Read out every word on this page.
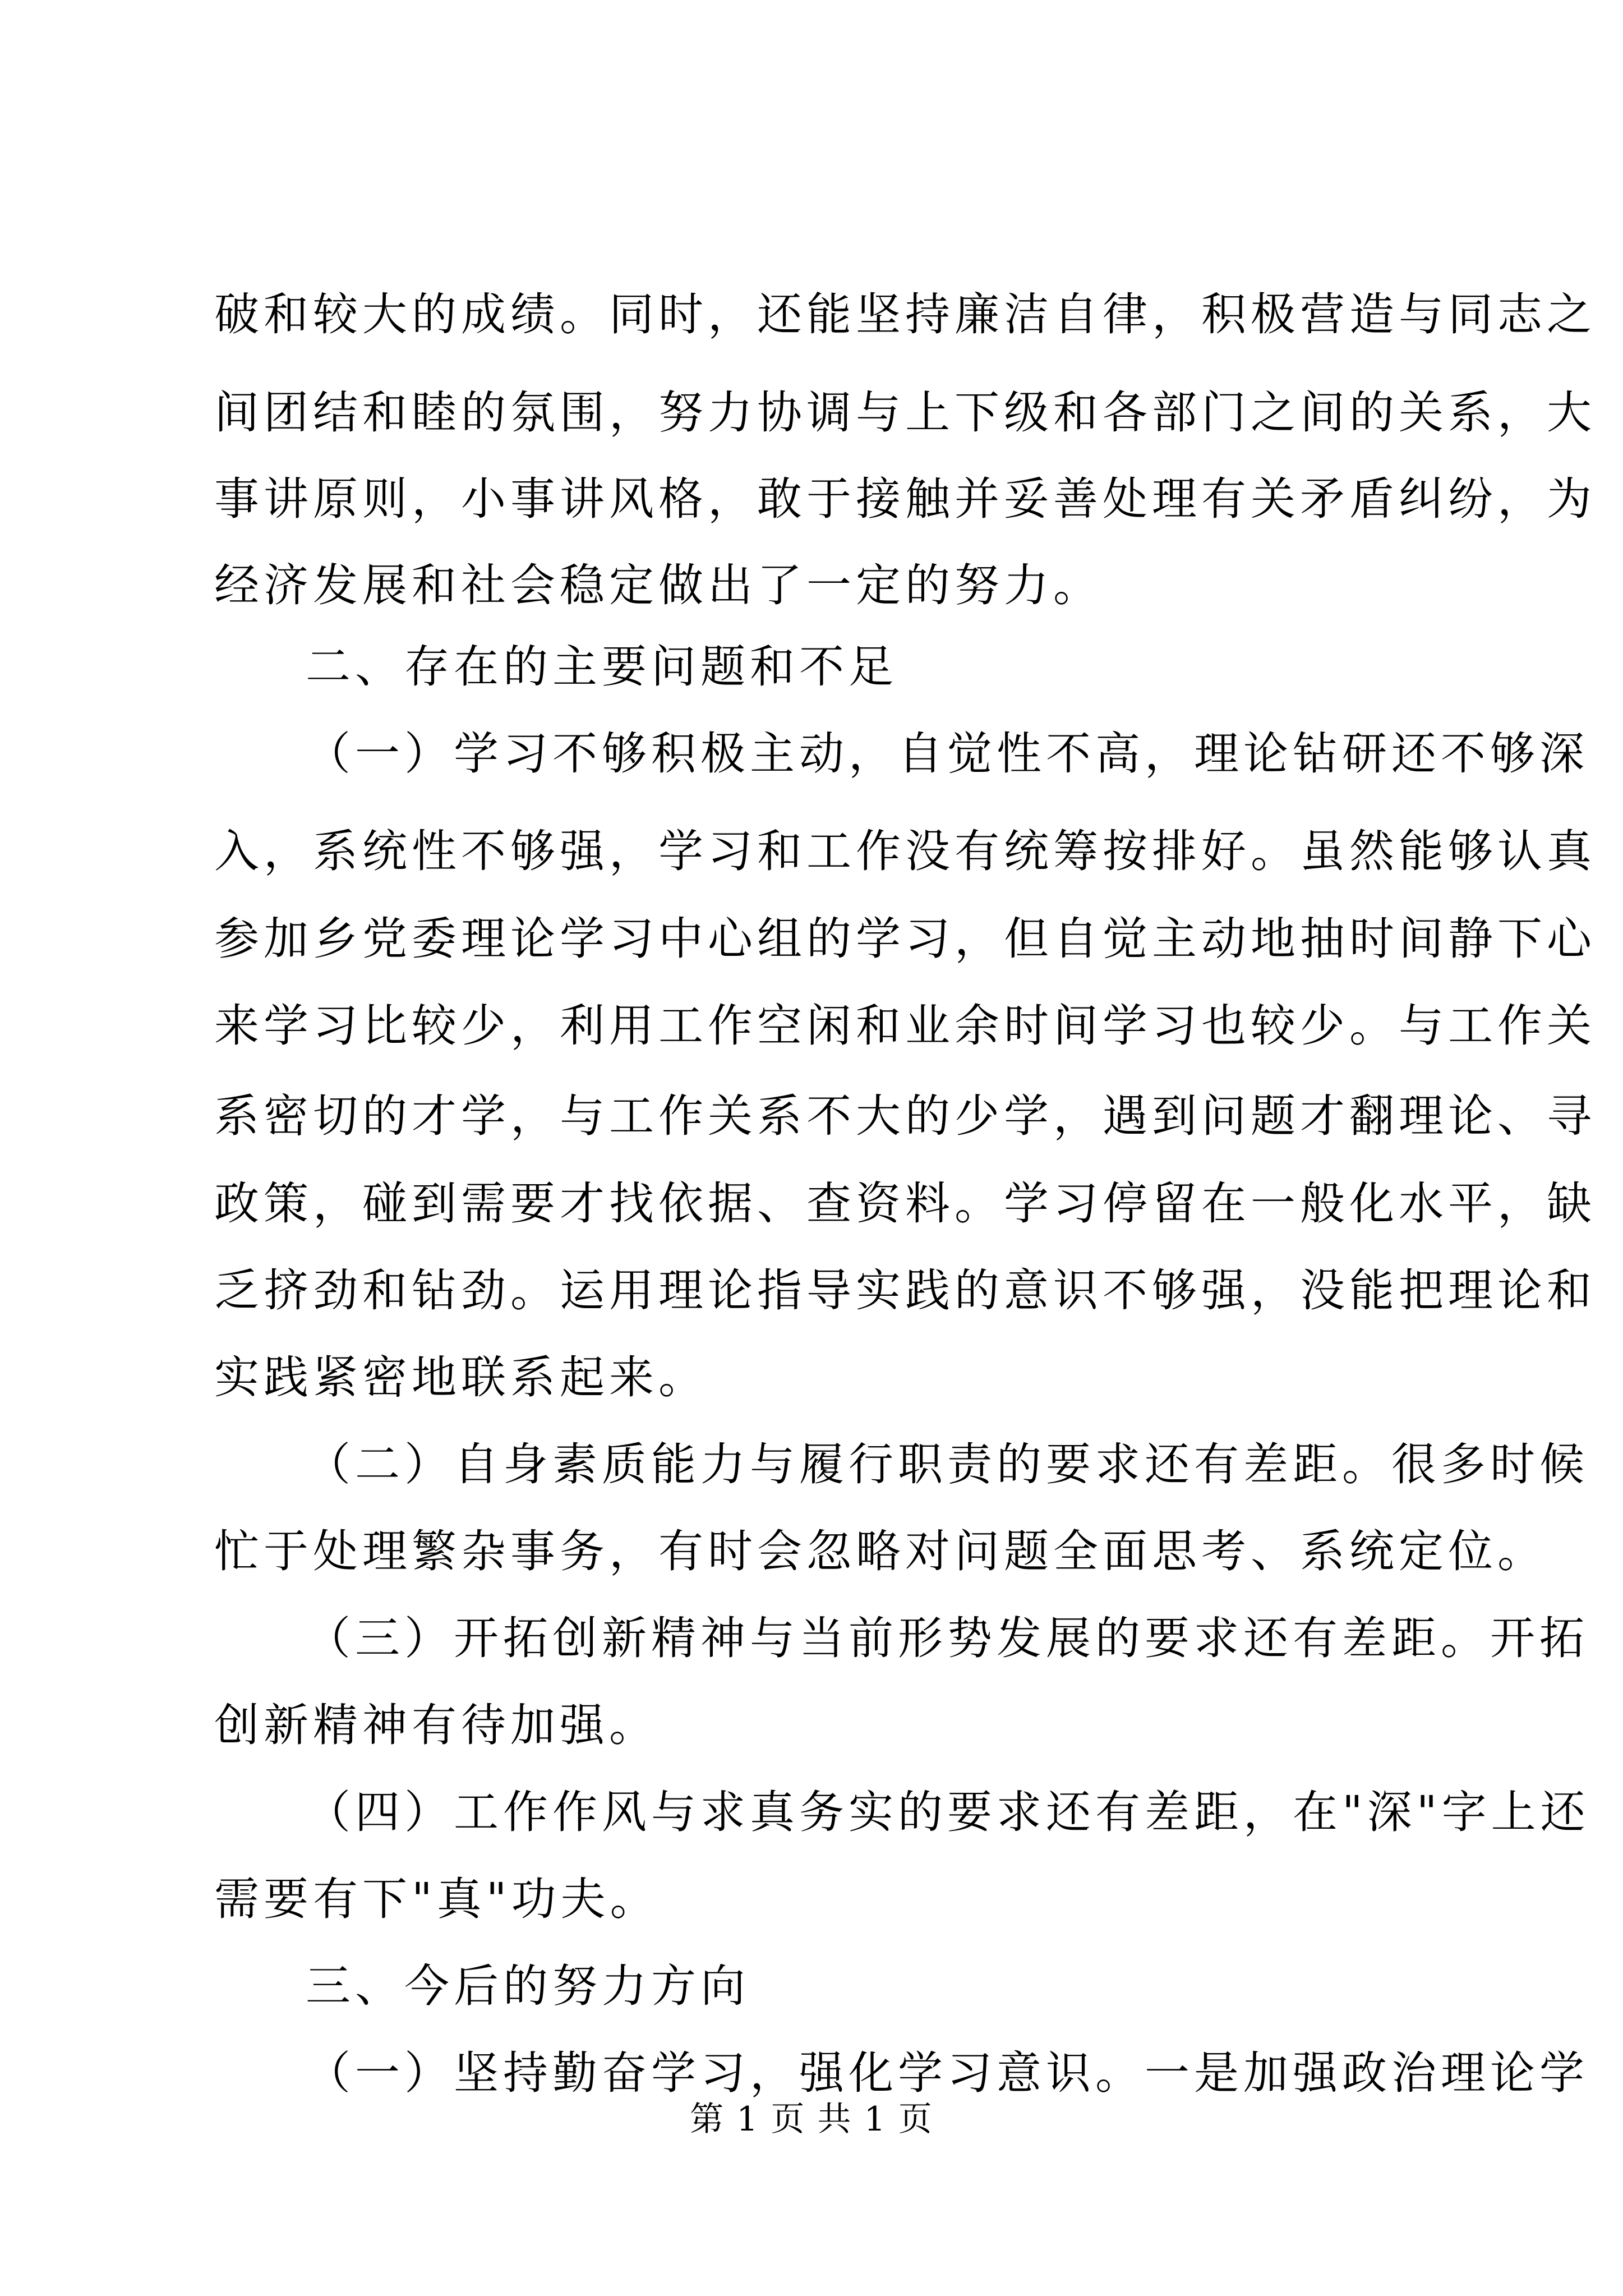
破和较大的成绩。同时，还能坚持廉洁自律，积极营造与同志之
间团结和睦的氛围，努力协调与上下级和各部门之间的关系，大
事讲原则，小事讲风格，敢于接触并妥善处理有关矛盾纠纷，为
经济发展和社会稳定做出了一定的努力。
二、存在的主要问题和不足
（一）学习不够积极主动，自觉性不高，理论钻研还不够深
入，系统性不够强，学习和工作没有统筹按排好。虽然能够认真
参加乡党委理论学习中心组的学习，但自觉主动地抽时间静下心
来学习比较少，利用工作空闲和业余时间学习也较少。与工作关
系密切的才学，与工作关系不大的少学，遇到问题才翻理论、寻
政策，碰到需要才找依据、查资料。学习停留在一般化水平，缺
乏挤劲和钻劲。运用理论指导实践的意识不够强，没能把理论和
实践紧密地联系起来。
（二）自身素质能力与履行职责的要求还有差距。很多时候
忙于处理繁杂事务，有时会忽略对问题全面思考、系统定位。
（三）开拓创新精神与当前形势发展的要求还有差距。开拓
创新精神有待加强。
（四）工作作风与求真务实的要求还有差距，在"深"字上还
需要有下"真"功夫。
三、今后的努力方向
（一）坚持勤奋学习，强化学习意识。一是加强政治理论学
第 1 页 共 1 页
